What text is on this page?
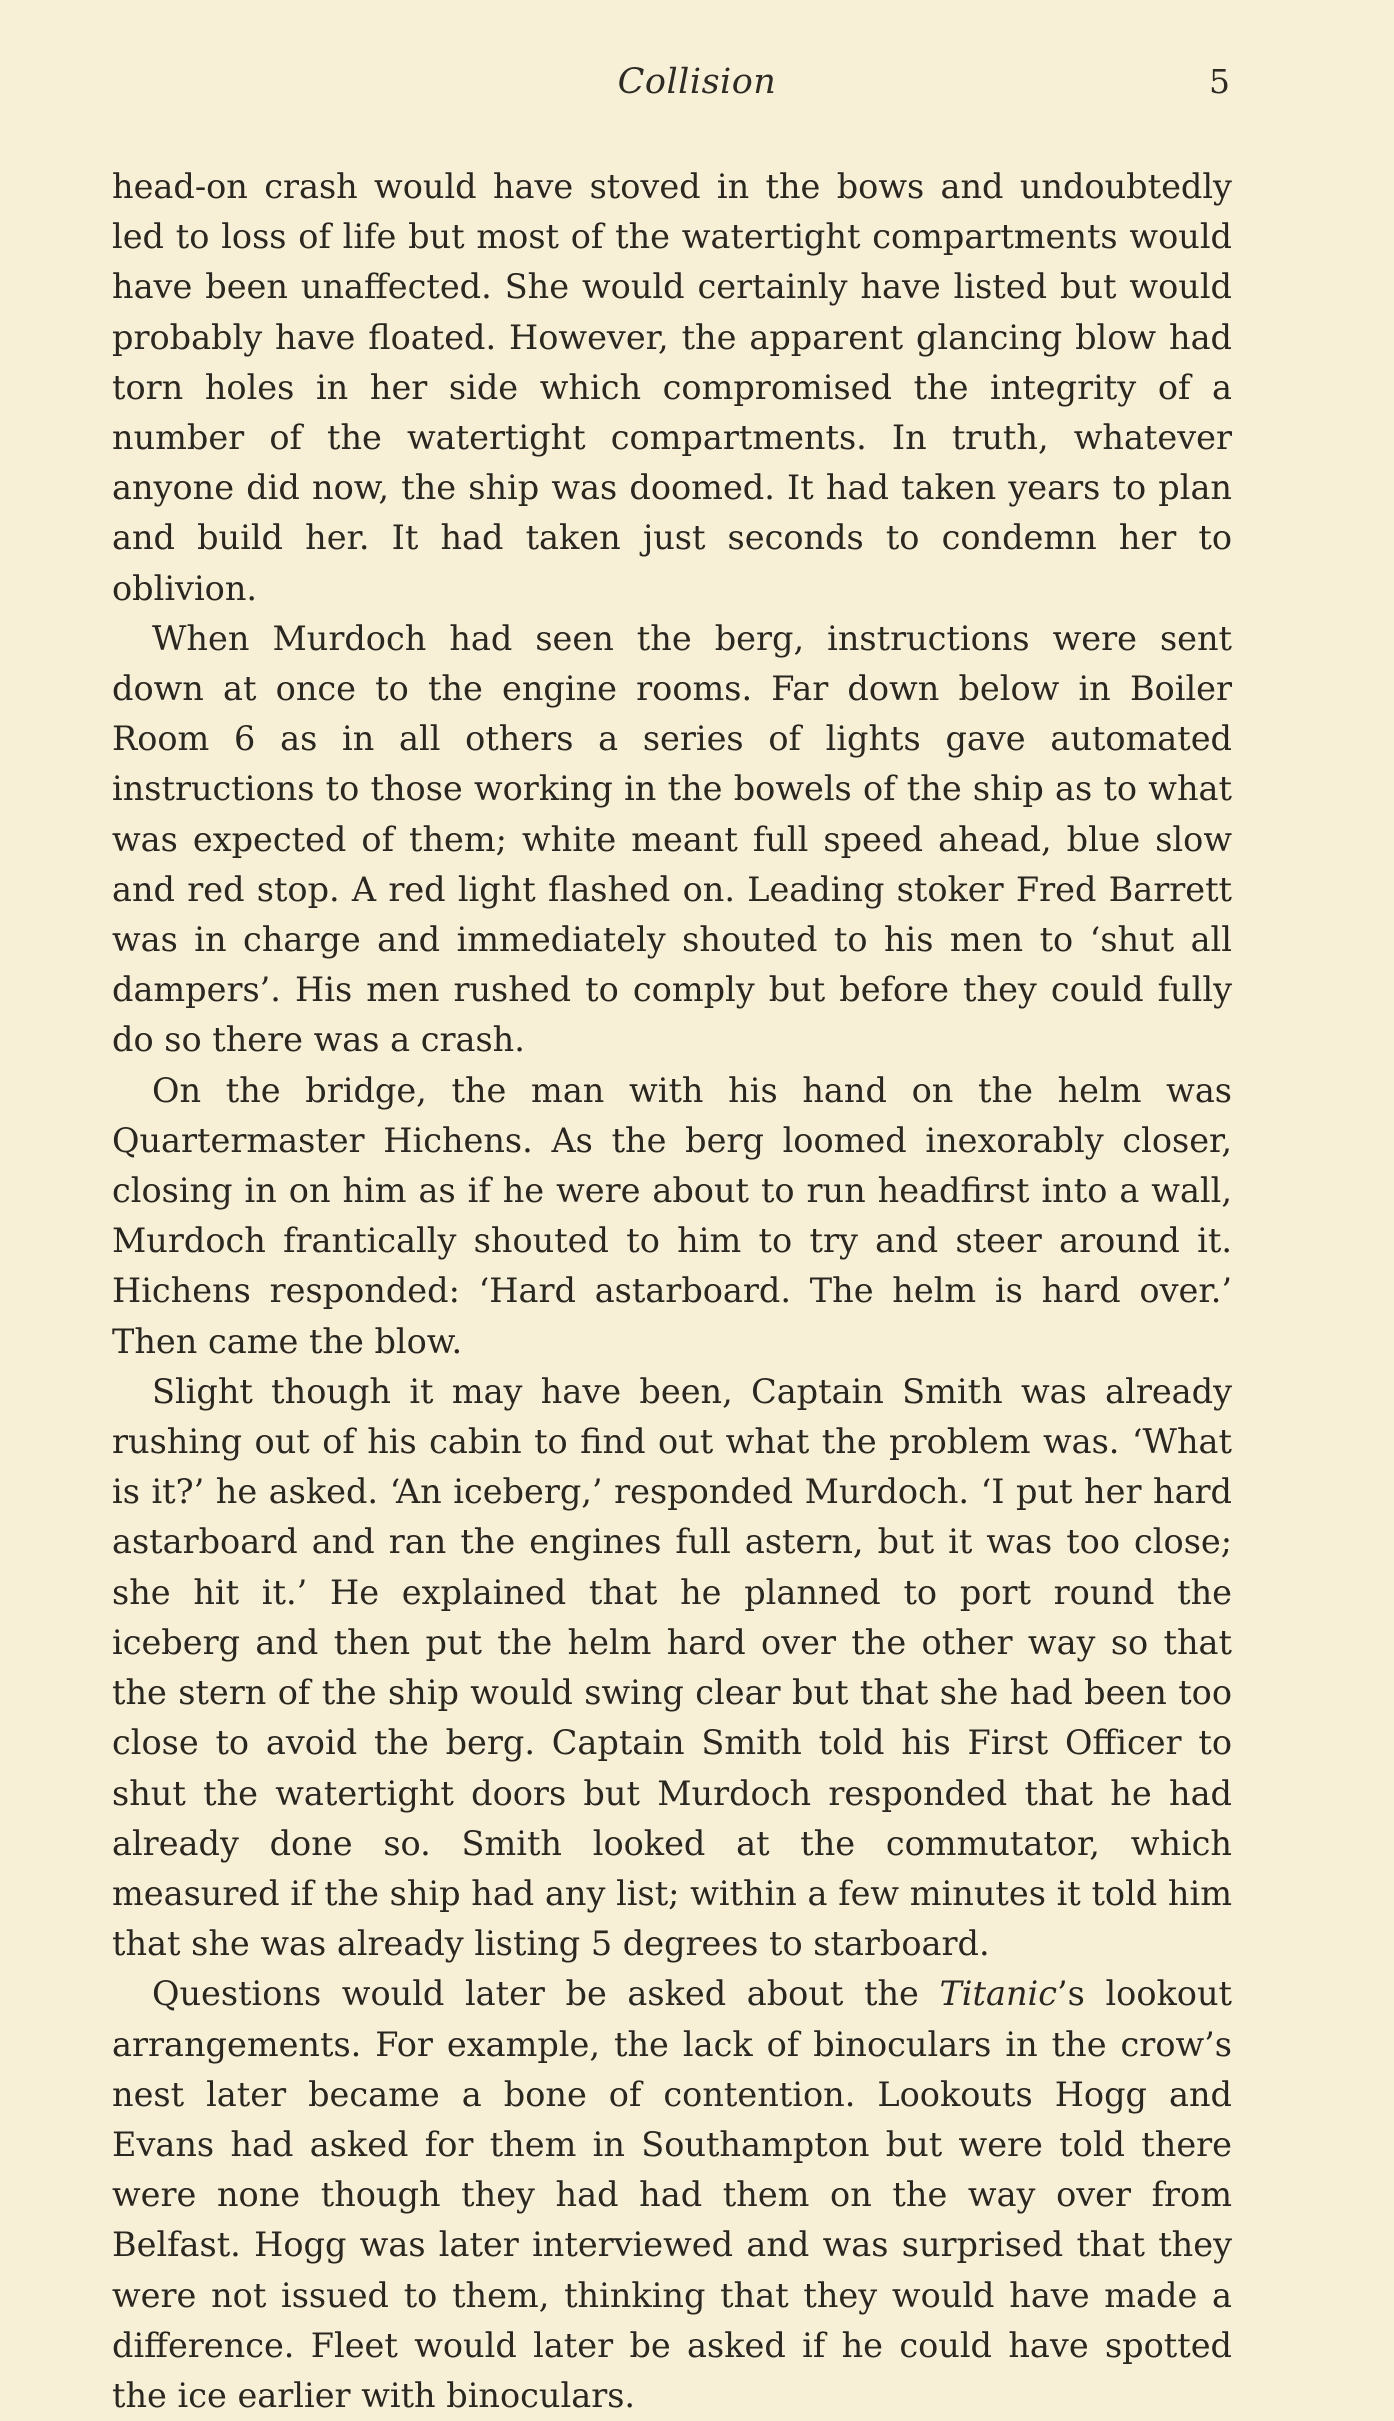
Collision	5

head-on crash would have stoved in the bows and undoubtedly led to loss of life but most of the watertight compartments would have been unaffected. She would certainly have listed but would probably have floated. However, the apparent glancing blow had torn holes in her side which compromised the integrity of a number of the watertight compartments. In truth, whatever anyone did now, the ship was doomed. It had taken years to plan and build her. It had taken just seconds to condemn her to oblivion.

When Murdoch had seen the berg, instructions were sent down at once to the engine rooms. Far down below in Boiler Room 6 as in all others a series of lights gave automated instructions to those working in the bowels of the ship as to what was expected of them; white meant full speed ahead, blue slow and red stop. A red light flashed on. Leading stoker Fred Barrett was in charge and immediately shouted to his men to ‘shut all dampers’. His men rushed to comply but before they could fully do so there was a crash.

On the bridge, the man with his hand on the helm was Quartermaster Hichens. As the berg loomed inexorably closer, closing in on him as if he were about to run headfirst into a wall, Murdoch frantically shouted to him to try and steer around it. Hichens responded: ‘Hard astarboard. The helm is hard over.’ Then came the blow.

Slight though it may have been, Captain Smith was already rushing out of his cabin to find out what the problem was. ‘What is it?’ he asked. ‘An iceberg,’ responded Murdoch. ‘I put her hard astarboard and ran the engines full astern, but it was too close; she hit it.’ He explained that he planned to port round the iceberg and then put the helm hard over the other way so that the stern of the ship would swing clear but that she had been too close to avoid the berg. Captain Smith told his First Officer to shut the watertight doors but Murdoch responded that he had already done so. Smith looked at the commutator, which measured if the ship had any list; within a few minutes it told him that she was already listing 5 degrees to starboard.

Questions would later be asked about the Titanic’s lookout arrangements. For example, the lack of binoculars in the crow’s nest later became a bone of contention. Lookouts Hogg and Evans had asked for them in Southampton but were told there were none though they had had them on the way over from Belfast. Hogg was later interviewed and was surprised that they were not issued to them, thinking that they would have made a difference. Fleet would later be asked if he could have spotted the ice earlier with binoculars.
